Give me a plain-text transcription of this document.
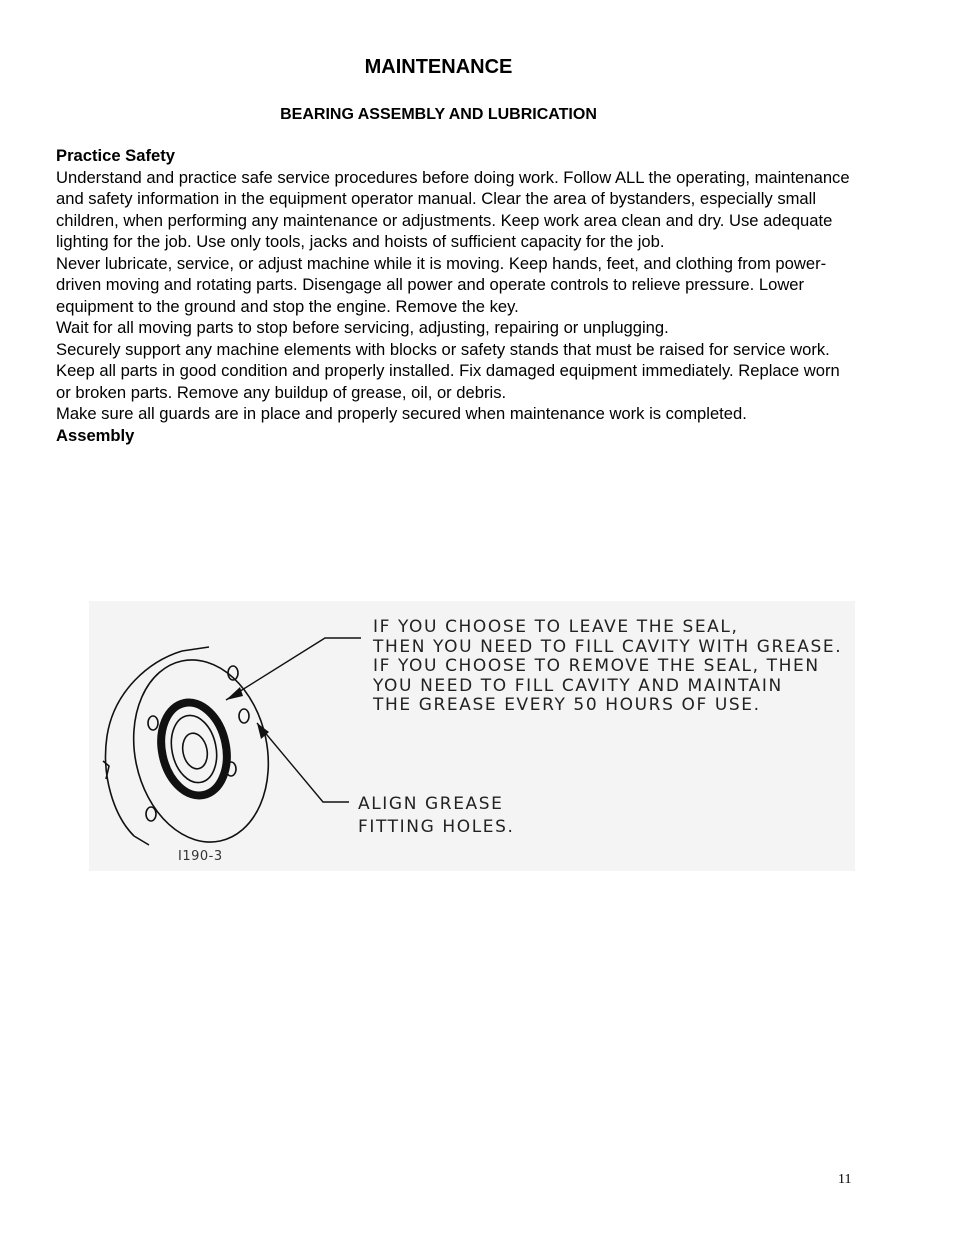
MAINTENANCE
BEARING ASSEMBLY AND LUBRICATION

Practice Safety

Understand and practice safe service procedures before doing work. Follow ALL the operating, maintenance and safety information in the equipment operator manual. Clear the area of bystanders, especially small children, when performing any maintenance or adjustments. Keep work area clean and dry. Use adequate lighting for the job. Use only tools, jacks and hoists of sufficient capacity for the job.

Never lubricate, service, or adjust machine while it is moving. Keep hands, feet, and clothing from power-driven moving and rotating parts. Disengage all power and operate controls to relieve pressure. Lower equipment to the ground and stop the engine. Remove the key.

Wait for all moving parts to stop before servicing, adjusting, repairing or unplugging.

Securely support any machine elements with blocks or safety stands that must be raised for service work.

Keep all parts in good condition and properly installed. Fix damaged equipment immediately. Replace worn or broken parts. Remove any buildup of grease, oil, or debris.

Make sure all guards are in place and properly secured when maintenance work is completed.

Assembly

IF YOU CHOOSE TO LEAVE THE SEAL,
THEN YOU NEED TO FILL CAVITY WITH GREASE.
IF YOU CHOOSE TO REMOVE THE SEAL, THEN
YOU NEED TO FILL CAVITY AND MAINTAIN
THE GREASE EVERY 50 HOURS OF USE.

ALIGN GREASE
FITTING HOLES.

I190-3
11
